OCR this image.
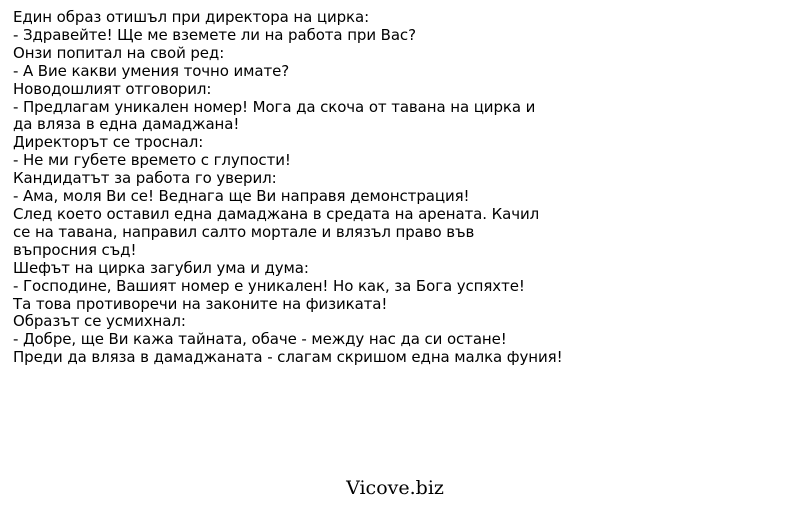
Един образ отишъл при директора на цирка:
- Здравейте! Ще ме вземете ли на работа при Вас?
Онзи попитал на свой ред:
- А Вие какви умения точно имате?
Новодошлият отговорил:
- Предлагам уникален номер! Мога да скоча от тавана на цирка и
да вляза в една дамаджана!
Директорът се троснал:
- Не ми губете времето с глупости!
Кандидатът за работа го уверил:
- Ама, моля Ви се! Веднага ще Ви направя демонстрация!
След което оставил една дамаджана в средата на арената. Качил
се на тавана, направил салто мортале и влязъл право във
въпросния съд!
Шефът на цирка загубил ума и дума:
- Господине, Вашият номер е уникален! Но как, за Бога успяхте!
Та това противоречи на законите на физиката!
Образът се усмихнал:
- Добре, ще Ви кажа тайната, обаче - между нас да си остане!
Преди да вляза в дамаджаната - слагам скришом една малка фуния!
Vicove.biz
